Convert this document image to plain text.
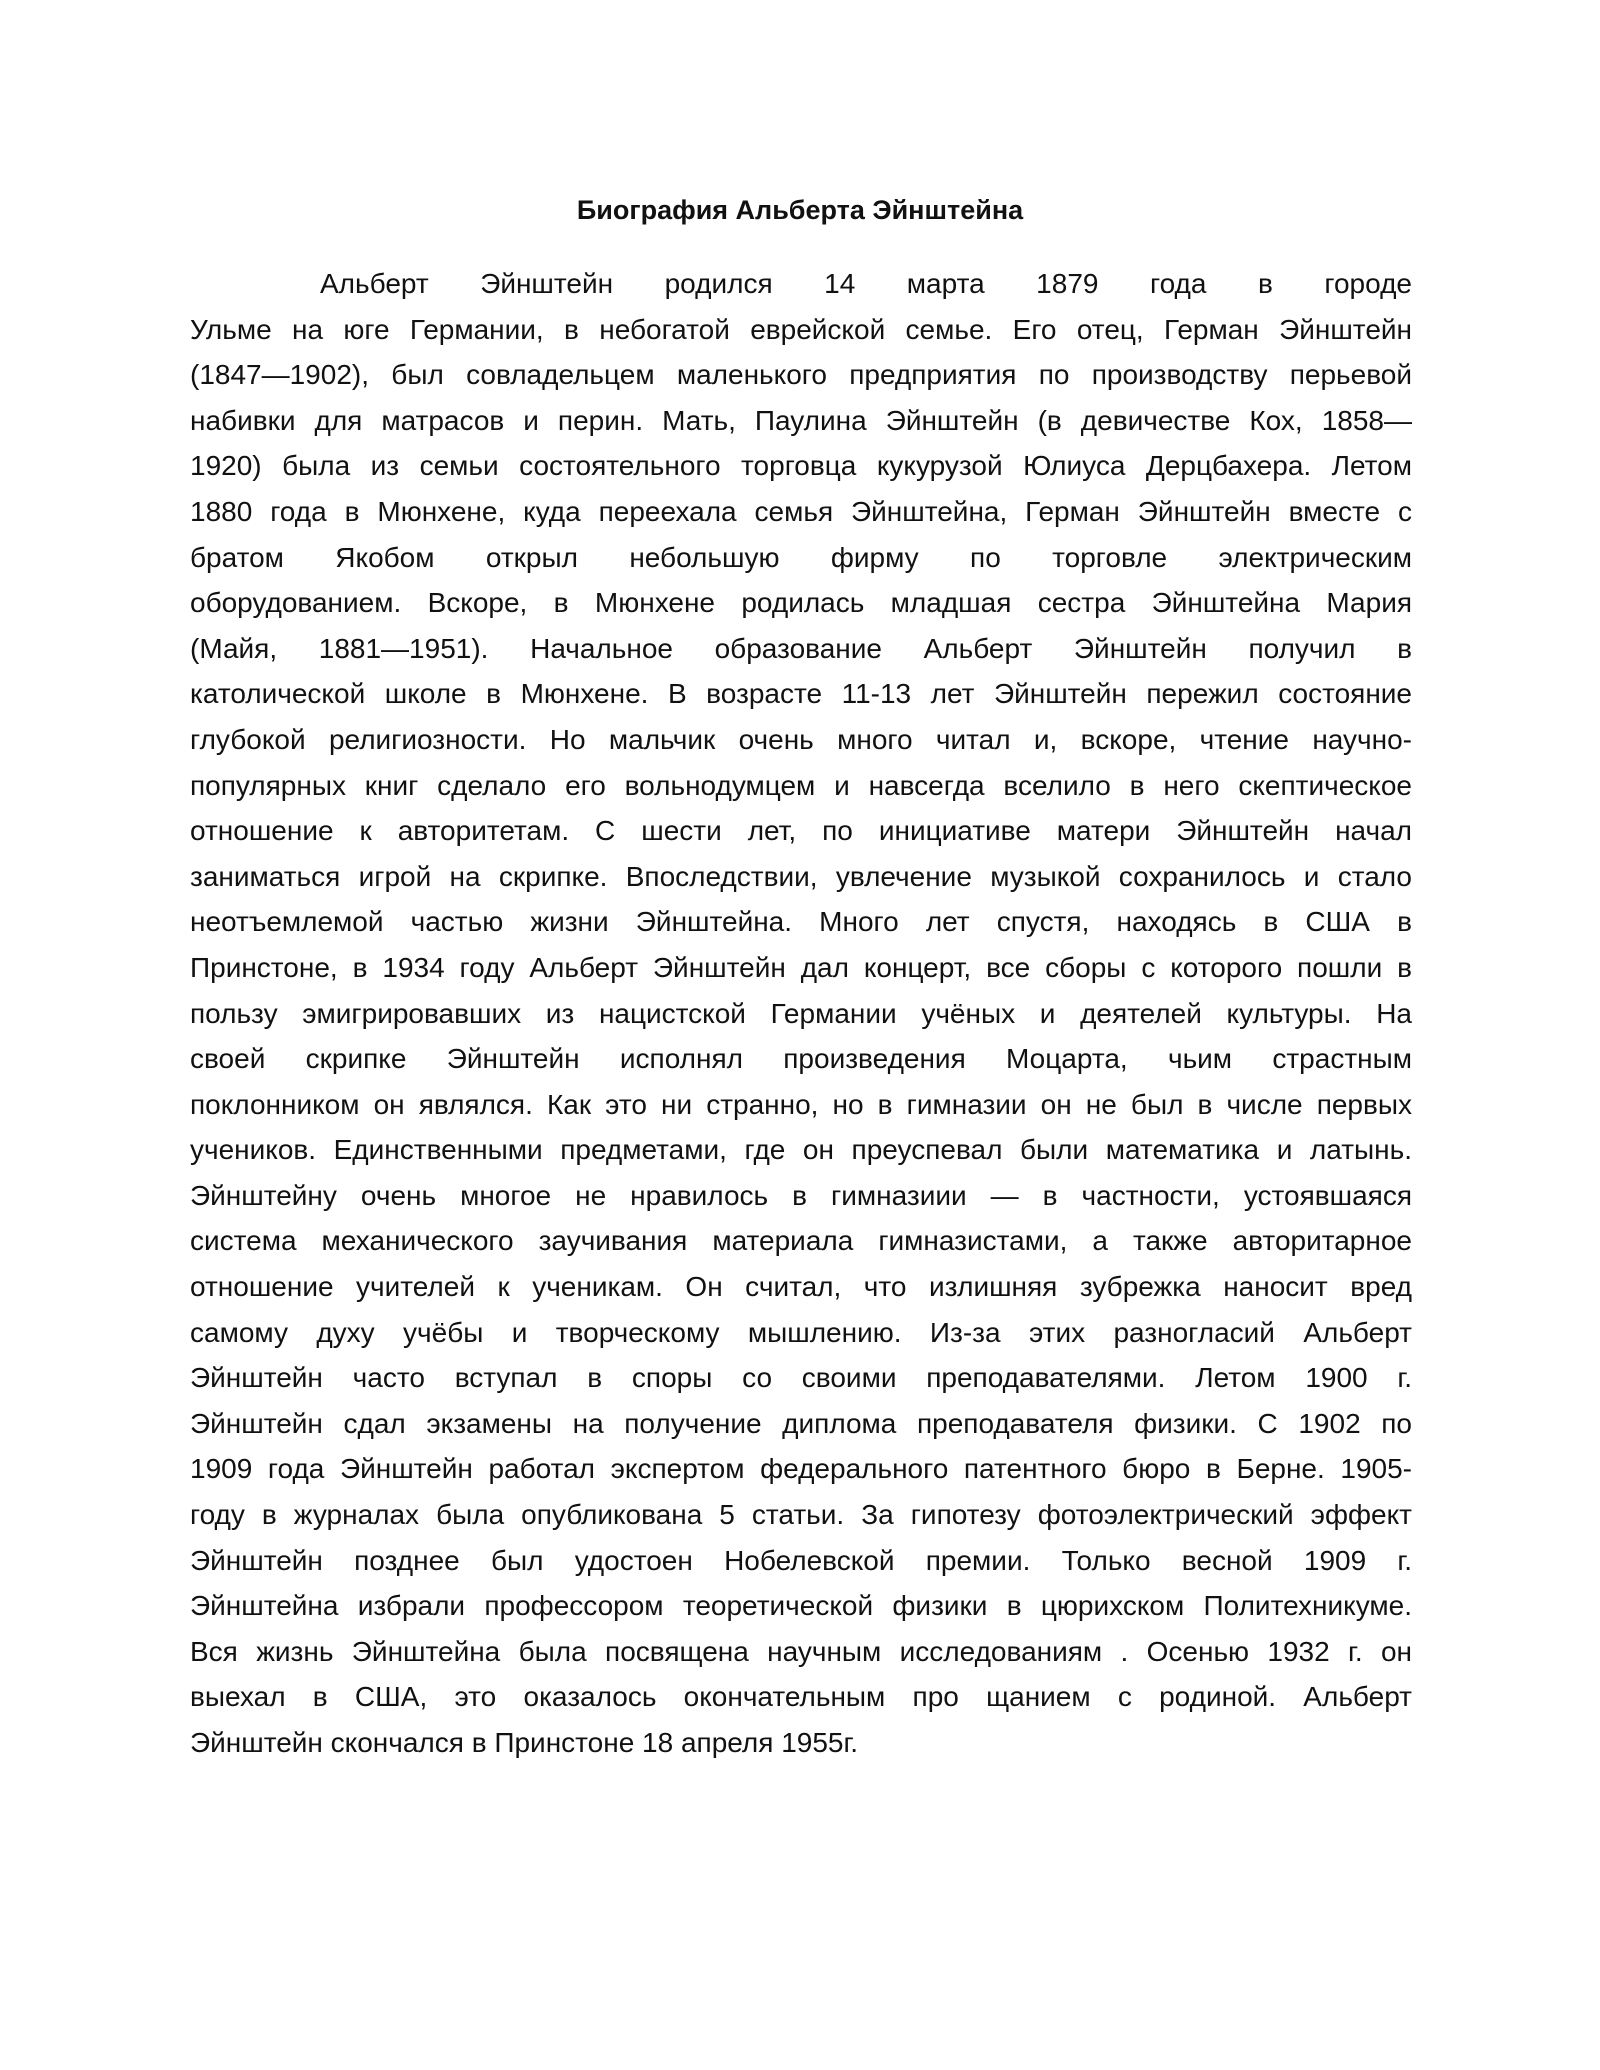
Биография Альберта Эйнштейна
Альберт Эйнштейн родился 14 марта 1879 года в городе
Ульме на юге Германии, в небогатой еврейской семье. Его отец, Герман Эйнштейн
(1847—1902), был совладельцем маленького предприятия по производству перьевой
набивки для матрасов и перин. Мать, Паулина Эйнштейн (в девичестве Кох, 1858—
1920) была из семьи состоятельного торговца кукурузой Юлиуса Дерцбахера. Летом
1880 года в Мюнхене, куда переехала семья Эйнштейна, Герман Эйнштейн вместе с
братом Якобом открыл небольшую фирму по торговле электрическим
оборудованием. Вскоре, в Мюнхене родилась младшая сестра Эйнштейна Мария
(Майя, 1881—1951). Начальное образование Альберт Эйнштейн получил в
католической школе в Мюнхене. В возрасте 11-13 лет Эйнштейн пережил состояние
глубокой религиозности. Но мальчик очень много читал и, вскоре, чтение научно-
популярных книг сделало его вольнодумцем и навсегда вселило в него скептическое
отношение к авторитетам. С шести лет, по инициативе матери Эйнштейн начал
заниматься игрой на скрипке. Впоследствии, увлечение музыкой сохранилось и стало
неотъемлемой частью жизни Эйнштейна. Много лет спустя, находясь в США в
Принстоне, в 1934 году Альберт Эйнштейн дал концерт, все сборы с которого пошли в
пользу эмигрировавших из нацистской Германии учёных и деятелей культуры. На
своей скрипке Эйнштейн исполнял произведения Моцарта, чьим страстным
поклонником он являлся. Как это ни странно, но в гимназии он не был в числе первых
учеников. Единственными предметами, где он преуспевал были математика и латынь.
Эйнштейну очень многое не нравилось в гимназиии — в частности, устоявшаяся
система механического заучивания материала гимназистами, а также авторитарное
отношение учителей к ученикам. Он считал, что излишняя зубрежка наносит вред
самому духу учёбы и творческому мышлению. Из-за этих разногласий Альберт
Эйнштейн часто вступал в споры со своими преподавателями. Летом 1900 г.
Эйнштейн сдал экзамены на получение диплома преподавателя физики. С 1902 по
1909 года Эйнштейн работал экспертом федерального патентного бюро в Берне. 1905-
году в журналах была опубликована 5 статьи. За гипотезу фотоэлектрический эффект
Эйнштейн позднее был удостоен Нобелевской премии. Только весной 1909 г.
Эйнштейна избрали профессором теоретической физики в цюрихском Политехникуме.
Вся жизнь Эйнштейна была посвящена научным исследованиям . Осенью 1932 г. он
выехал в США, это оказалось окончательным про щанием с родиной. Альберт
Эйнштейн скончался в Принстоне 18 апреля 1955г.
